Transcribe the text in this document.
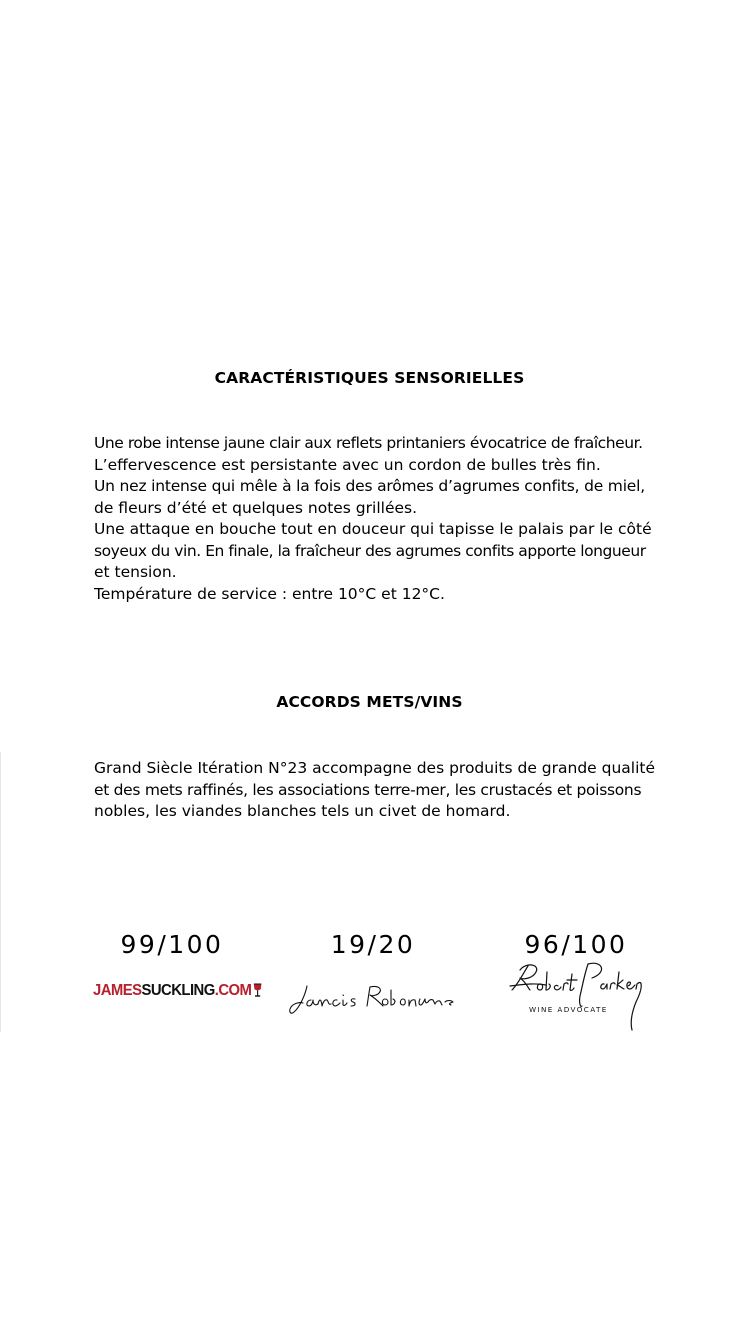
CARACTÉRISTIQUES SENSORIELLES

Une robe intense jaune clair aux reflets printaniers évocatrice de fraîcheur.
L’effervescence est persistante avec un cordon de bulles très fin.
Un nez intense qui mêle à la fois des arômes d’agrumes confits, de miel,
de fleurs d’été et quelques notes grillées.
Une attaque en bouche tout en douceur qui tapisse le palais par le côté
soyeux du vin. En finale, la fraîcheur des agrumes confits apporte longueur
et tension.
Température de service : entre 10°C et 12°C.

ACCORDS METS/VINS

Grand Siècle Itération N°23 accompagne des produits de grande qualité
et des mets raffinés, les associations terre-mer, les crustacés et poissons
nobles, les viandes blanches tels un civet de homard.

99/100	19/20	96/100
JAMESSUCKLING.COM
WINE ADVOCATE
